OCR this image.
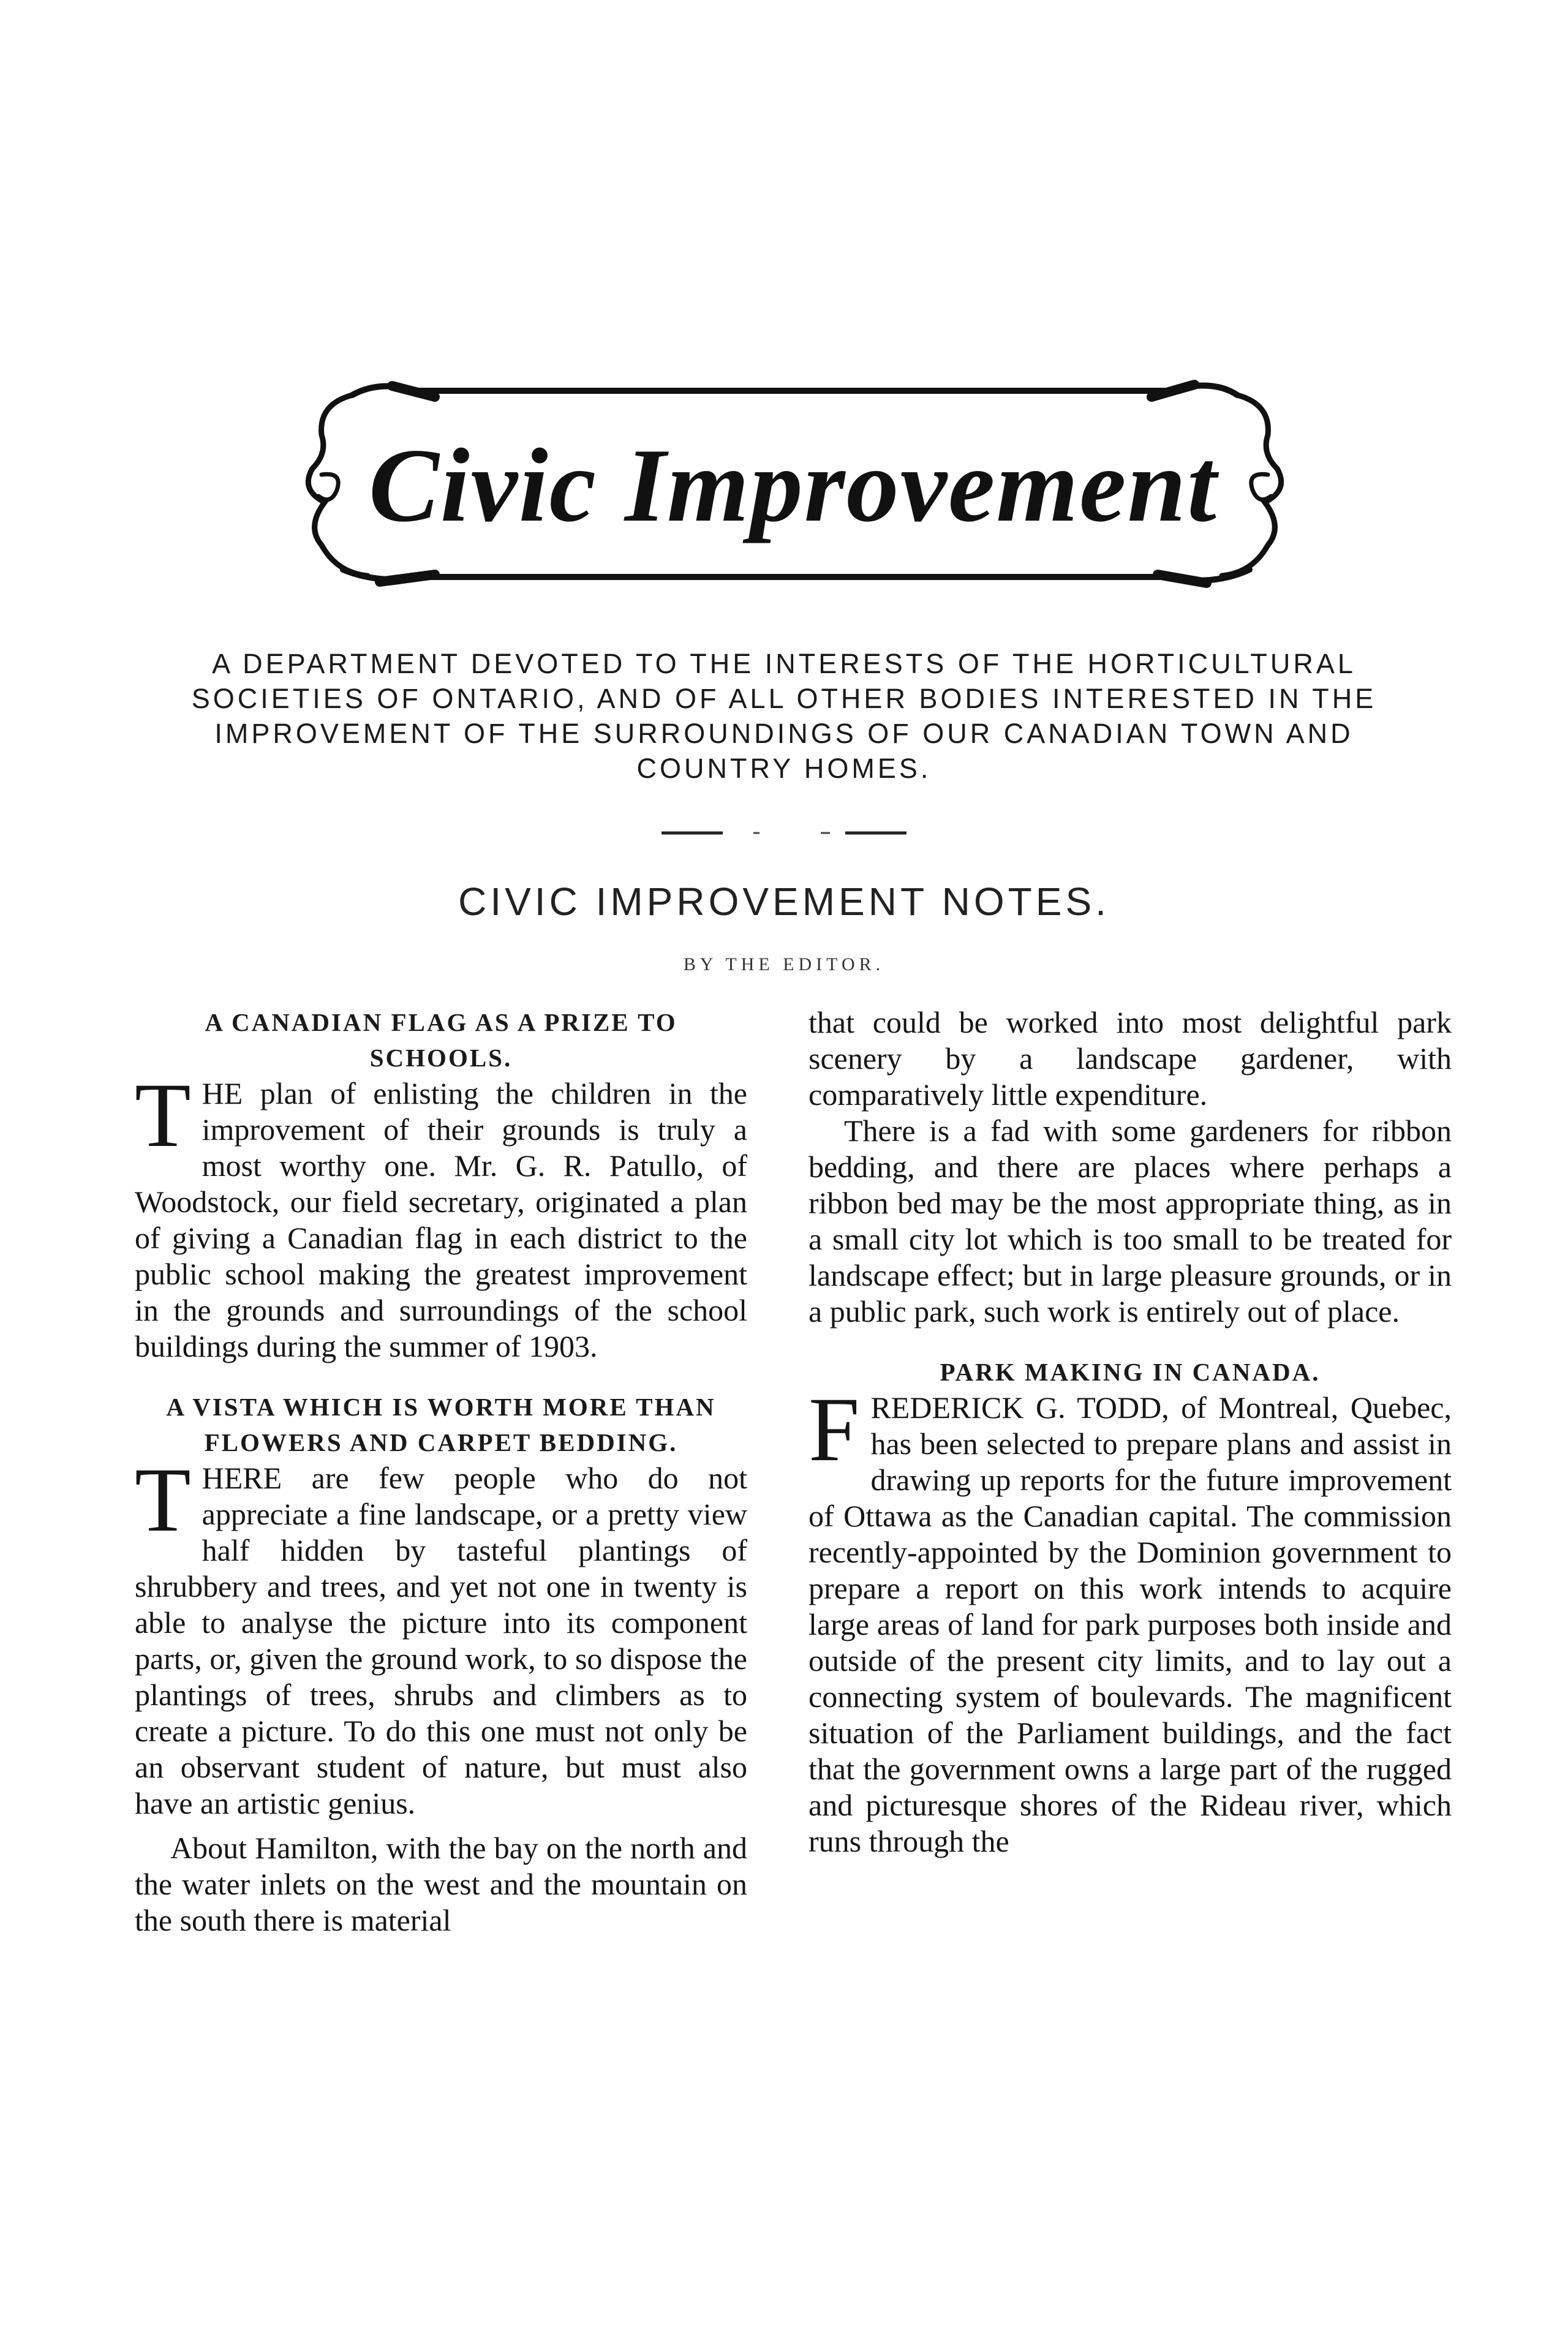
Civic Improvement
A DEPARTMENT DEVOTED TO THE INTERESTS OF THE HORTICULTURAL SOCIETIES OF ONTARIO, AND OF ALL OTHER BODIES INTERESTED IN THE IMPROVEMENT OF THE SURROUNDINGS OF OUR CANADIAN TOWN AND COUNTRY HOMES.
CIVIC IMPROVEMENT NOTES.
BY THE EDITOR.
A CANADIAN FLAG AS A PRIZE TO SCHOOLS.

THE plan of enlisting the children in the improvement of their grounds is truly a most worthy one. Mr. G. R. Patullo, of Woodstock, our field secretary, originated a plan of giving a Canadian flag in each district to the public school making the greatest improvement in the grounds and surroundings of the school buildings during the summer of 1903.

A VISTA WHICH IS WORTH MORE THAN FLOWERS AND CARPET BEDDING.

THERE are few people who do not appreciate a fine landscape, or a pretty view half hidden by tasteful plantings of shrubbery and trees, and yet not one in twenty is able to analyse the picture into its component parts, or, given the ground work, to so dispose the plantings of trees, shrubs and climbers as to create a picture. To do this one must not only be an observant student of nature, but must also have an artistic genius.

About Hamilton, with the bay on the north and the water inlets on the west and the mountain on the south there is material

that could be worked into most delightful park scenery by a landscape gardener, with comparatively little expenditure.

There is a fad with some gardeners for ribbon bedding, and there are places where perhaps a ribbon bed may be the most appropriate thing, as in a small city lot which is too small to be treated for landscape effect; but in large pleasure grounds, or in a public park, such work is entirely out of place.

PARK MAKING IN CANADA.

FREDERICK G. TODD, of Montreal, Quebec, has been selected to prepare plans and assist in drawing up reports for the future improvement of Ottawa as the Canadian capital. The commission recently-appointed by the Dominion government to prepare a report on this work intends to acquire large areas of land for park purposes both inside and outside of the present city limits, and to lay out a connecting system of boulevards. The magnificent situation of the Parliament buildings, and the fact that the government owns a large part of the rugged and picturesque shores of the Rideau river, which runs through the
